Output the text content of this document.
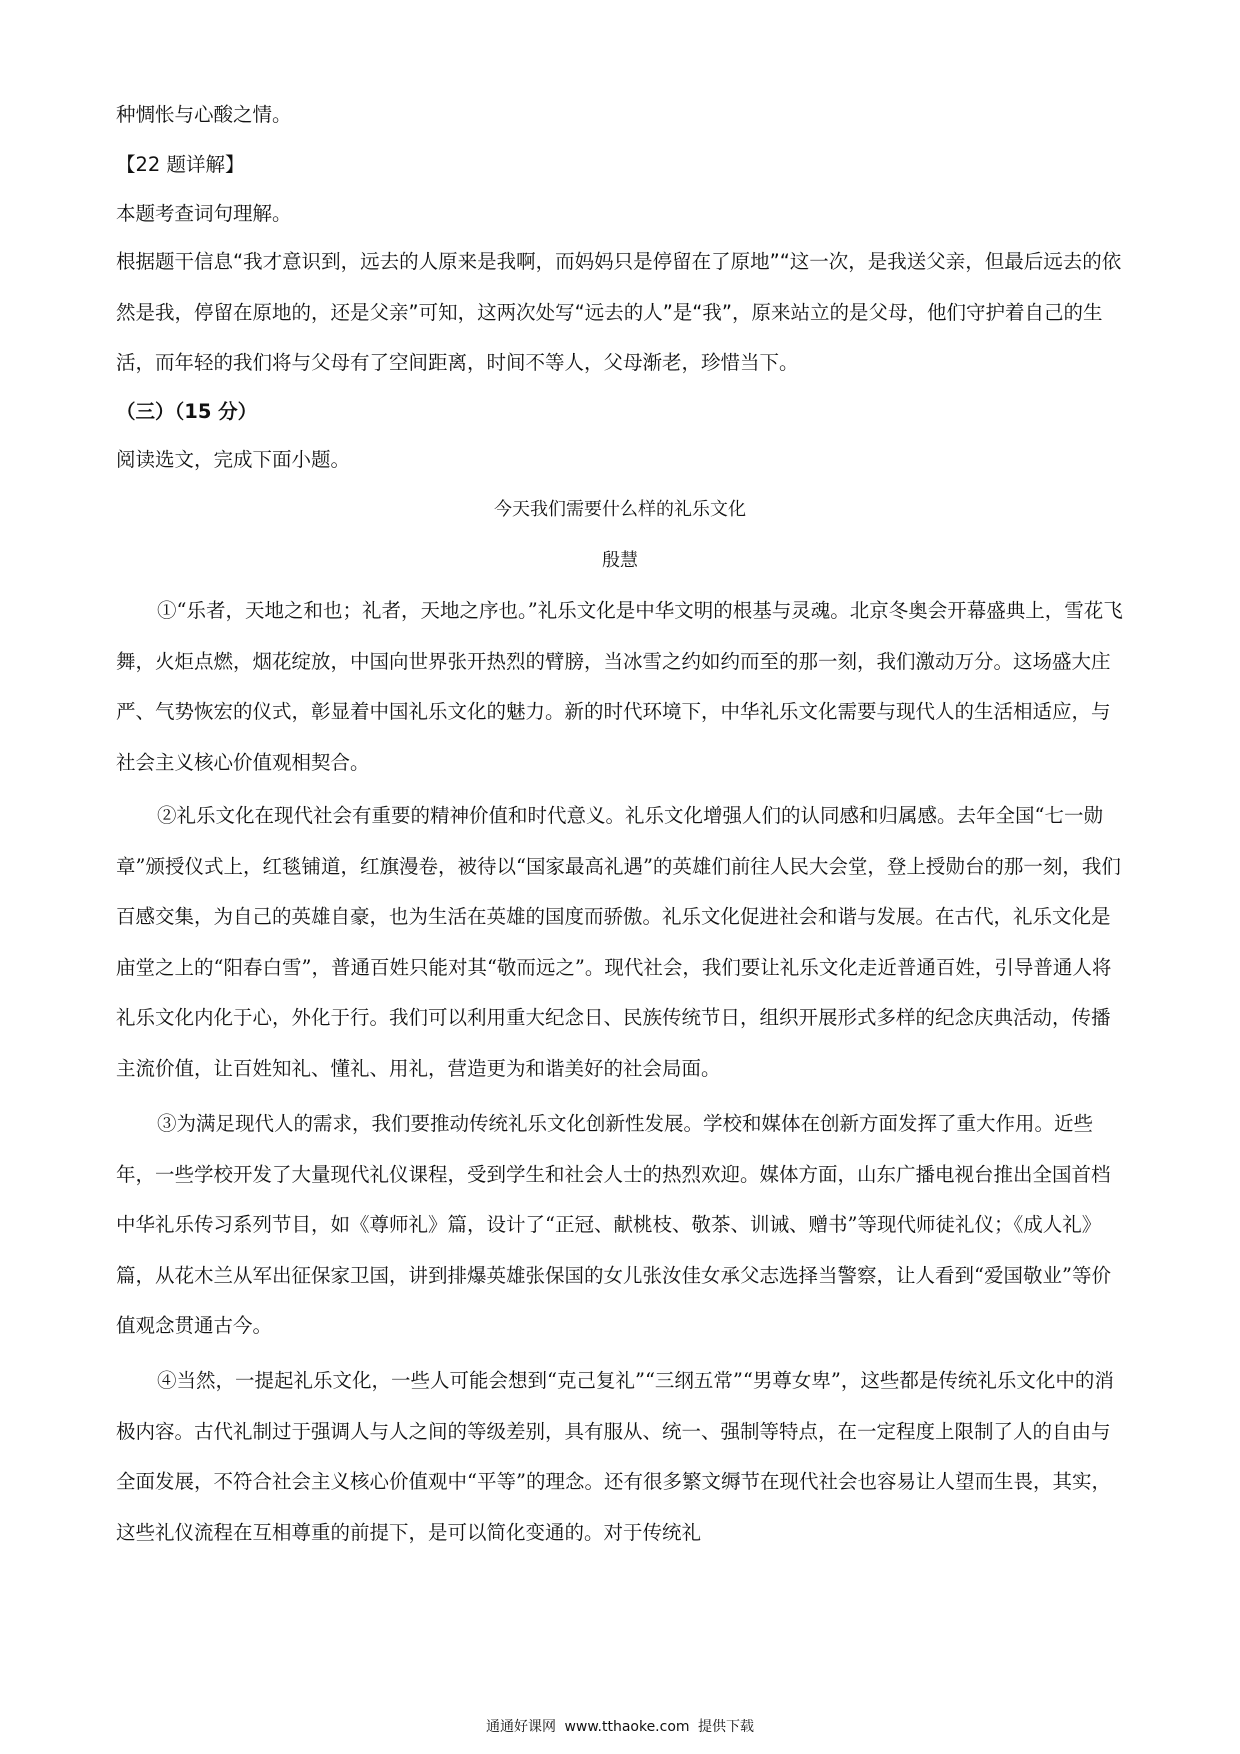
种惆怅与心酸之情。

【22 题详解】

本题考查词句理解。

根据题干信息“我才意识到，远去的人原来是我啊，而妈妈只是停留在了原地”“这一次，是我送父亲，但最后远去的依然是我，停留在原地的，还是父亲”可知，这两次处写“远去的人”是“我”，原来站立的是父母，他们守护着自己的生活，而年轻的我们将与父母有了空间距离，时间不等人，父母渐老，珍惜当下。

（三）（15 分）

阅读选文，完成下面小题。

今天我们需要什么样的礼乐文化

殷慧

①“乐者，天地之和也；礼者，天地之序也。”礼乐文化是中华文明的根基与灵魂。北京冬奥会开幕盛典上，雪花飞舞，火炬点燃，烟花绽放，中国向世界张开热烈的臂膀，当冰雪之约如约而至的那一刻，我们激动万分。这场盛大庄严、气势恢宏的仪式，彰显着中国礼乐文化的魅力。新的时代环境下，中华礼乐文化需要与现代人的生活相适应，与社会主义核心价值观相契合。

②礼乐文化在现代社会有重要的精神价值和时代意义。礼乐文化增强人们的认同感和归属感。去年全国“七一勋章”颁授仪式上，红毯铺道，红旗漫卷，被待以“国家最高礼遇”的英雄们前往人民大会堂，登上授勋台的那一刻，我们百感交集，为自己的英雄自豪，也为生活在英雄的国度而骄傲。礼乐文化促进社会和谐与发展。在古代，礼乐文化是庙堂之上的“阳春白雪”，普通百姓只能对其“敬而远之”。现代社会，我们要让礼乐文化走近普通百姓，引导普通人将礼乐文化内化于心，外化于行。我们可以利用重大纪念日、民族传统节日，组织开展形式多样的纪念庆典活动，传播主流价值，让百姓知礼、懂礼、用礼，营造更为和谐美好的社会局面。

③为满足现代人的需求，我们要推动传统礼乐文化创新性发展。学校和媒体在创新方面发挥了重大作用。近些年，一些学校开发了大量现代礼仪课程，受到学生和社会人士的热烈欢迎。媒体方面，山东广播电视台推出全国首档中华礼乐传习系列节目，如《尊师礼》篇，设计了“正冠、献桃枝、敬茶、训诫、赠书”等现代师徒礼仪；《成人礼》篇，从花木兰从军出征保家卫国，讲到排爆英雄张保国的女儿张汝佳女承父志选择当警察，让人看到“爱国敬业”等价值观念贯通古今。

④当然，一提起礼乐文化，一些人可能会想到“克己复礼”“三纲五常”“男尊女卑”，这些都是传统礼乐文化中的消极内容。古代礼制过于强调人与人之间的等级差别，具有服从、统一、强制等特点，在一定程度上限制了人的自由与全面发展，不符合社会主义核心价值观中“平等”的理念。还有很多繁文缛节在现代社会也容易让人望而生畏，其实，这些礼仪流程在互相尊重的前提下，是可以简化变通的。对于传统礼

通通好课网 www.tthaoke.com 提供下载
